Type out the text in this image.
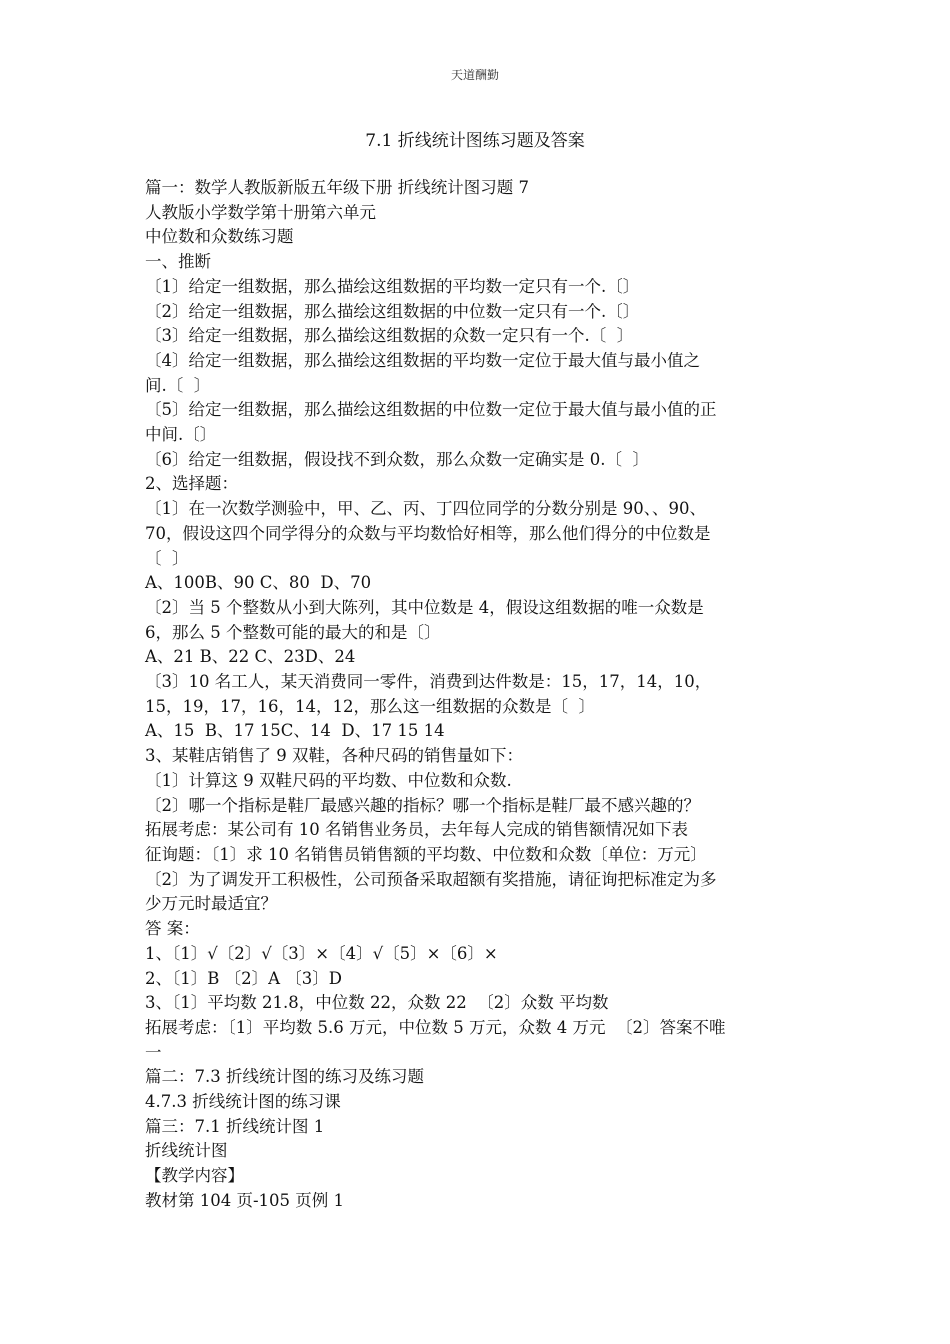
天道酬勤
7.1 折线统计图练习题及答案
篇一：数学人教版新版五年级下册 折线统计图习题 7
人教版小学数学第十册第六单元
中位数和众数练习题
一、推断
〔1〕给定一组数据，那么描绘这组数据的平均数一定只有一个.〔〕
〔2〕给定一组数据，那么描绘这组数据的中位数一定只有一个.〔〕
〔3〕给定一组数据，那么描绘这组数据的众数一定只有一个.〔  〕
〔4〕给定一组数据，那么描绘这组数据的平均数一定位于最大值与最小值之
间.〔  〕
〔5〕给定一组数据，那么描绘这组数据的中位数一定位于最大值与最小值的正
中间.〔〕
〔6〕给定一组数据，假设找不到众数，那么众数一定确实是 0.〔  〕
2、选择题：
〔1〕在一次数学测验中，甲、乙、丙、丁四位同学的分数分别是 90、、90、
70，假设这四个同学得分的众数与平均数恰好相等，那么他们得分的中位数是
〔  〕
A、100B、90 C、80  D、70
〔2〕当 5 个整数从小到大陈列，其中位数是 4，假设这组数据的唯一众数是
6，那么 5 个整数可能的最大的和是〔〕
A、21 B、22 C、23D、24
〔3〕10 名工人，某天消费同一零件，消费到达件数是：15，17，14，10，
15，19，17，16，14，12，那么这一组数据的众数是〔  〕
A、15  B、17 15C、14  D、17 15 14
3、某鞋店销售了 9 双鞋，各种尺码的销售量如下：
〔1〕计算这 9 双鞋尺码的平均数、中位数和众数.
〔2〕哪一个指标是鞋厂最感兴趣的指标？哪一个指标是鞋厂最不感兴趣的？
拓展考虑：某公司有 10 名销售业务员，去年每人完成的销售额情况如下表
征询题：〔1〕求 10 名销售员销售额的平均数、中位数和众数〔单位：万元〕
〔2〕为了调发开工积极性，公司预备采取超额有奖措施，请征询把标准定为多
少万元时最适宜？
答 案：
1、〔1〕√〔2〕√〔3〕×〔4〕√〔5〕×〔6〕×
2、〔1〕B 〔2〕A 〔3〕D
3、〔1〕平均数 21.8，中位数 22，众数 22  〔2〕众数 平均数
拓展考虑：〔1〕平均数 5.6 万元，中位数 5 万元，众数 4 万元  〔2〕答案不唯
一
篇二：7.3 折线统计图的练习及练习题
4.7.3 折线统计图的练习课
篇三：7.1 折线统计图 1
折线统计图
【教学内容】
教材第 104 页-105 页例 1
